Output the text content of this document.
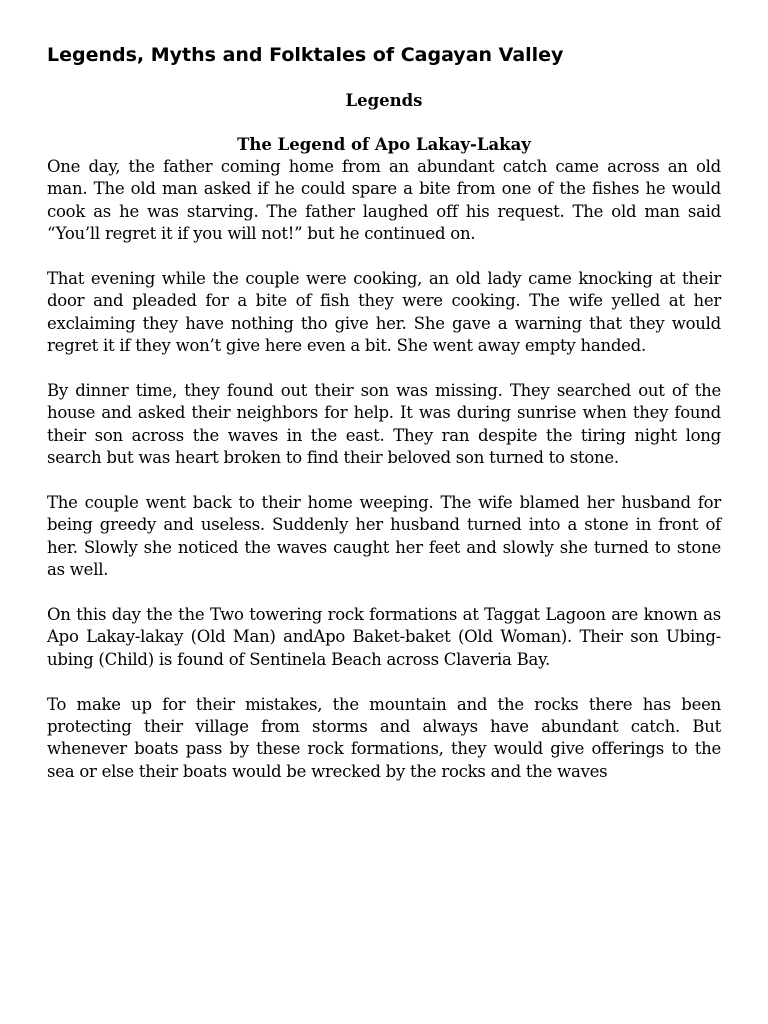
Legends, Myths and Folktales of Cagayan Valley
Legends
The Legend of Apo Lakay-Lakay

One day, the father coming home from an abundant catch came across an old man. The old man asked if he could spare a bite from one of the fishes he would cook as he was starving. The father laughed off his request. The old man said “You’ll regret it if you will not!” but he continued on.

That evening while the couple were cooking, an old lady came knocking at their door and pleaded for a bite of fish they were cooking. The wife yelled at her exclaiming they have nothing tho give her. She gave a warning that they would regret it if they won’t give here even a bit. She went away empty handed.

By dinner time, they found out their son was missing. They searched out of the house and asked their neighbors for help. It was during sunrise when they found their son across the waves in the east. They ran despite the tiring night long search but was heart broken to find their beloved son turned to stone.

The couple went back to their home weeping. The wife blamed her husband for being greedy and useless. Suddenly her husband turned into a stone in front of her. Slowly she noticed the waves caught her feet and slowly she turned to stone as well.

On this day the the Two towering rock formations at Taggat Lagoon are known as Apo Lakay-lakay (Old Man) andApo Baket-baket (Old Woman). Their son Ubing-ubing (Child) is found of Sentinela Beach across Claveria Bay.

To make up for their mistakes, the mountain and the rocks there has been protecting their village from storms and always have abundant catch. But whenever boats pass by these rock formations, they would give offerings to the sea or else their boats would be wrecked by the rocks and the waves
